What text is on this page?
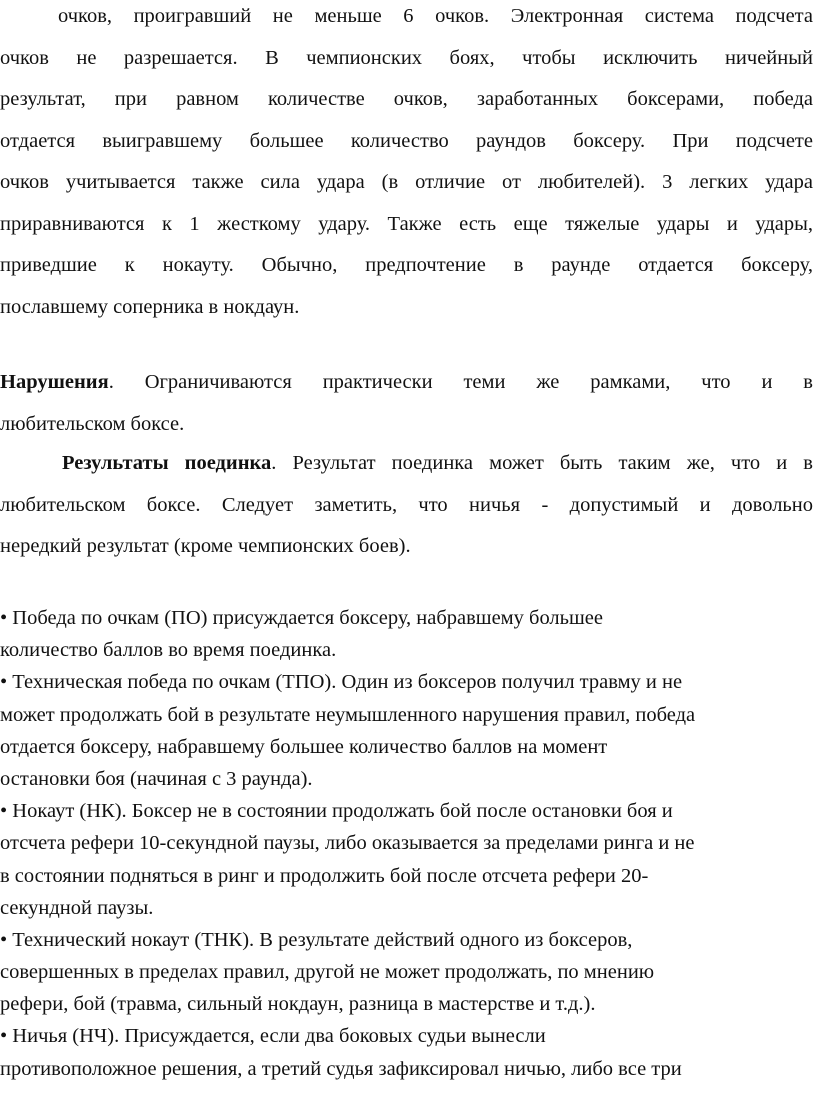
очков, проигравший не меньше 6 очков. Электронная система подсчета
очков не разрешается. В чемпионских боях, чтобы исключить ничейный
результат, при равном количестве очков, заработанных боксерами, победа
отдается выигравшему большее количество раундов боксеру. При подсчете
очков учитывается также сила удара (в отличие от любителей). 3 легких удара
приравниваются к 1 жесткому удару. Также есть еще тяжелые удары и удары,
приведшие к нокауту. Обычно, предпочтение в раунде отдается боксеру,
пославшему соперника в нокдаун.
Нарушения. Ограничиваются практически теми же рамками, что и в
любительском боксе.
Результаты поединка. Результат поединка может быть таким же, что и в
любительском боксе. Следует заметить, что ничья - допустимый и довольно
нередкий результат (кроме чемпионских боев).
• Победа по очкам (ПО) присуждается боксеру, набравшему большее
количество баллов во время поединка.
• Техническая победа по очкам (ТПО). Один из боксеров получил травму и не
может продолжать бой в результате неумышленного нарушения правил, победа
отдается боксеру, набравшему большее количество баллов на момент
остановки боя (начиная с 3 раунда).
• Нокаут (НК). Боксер не в состоянии продолжать бой после остановки боя и
отсчета рефери 10-секундной паузы, либо оказывается за пределами ринга и не
в состоянии подняться в ринг и продолжить бой после отсчета рефери 20-
секундной паузы.
• Технический нокаут (ТНК). В результате действий одного из боксеров,
совершенных в пределах правил, другой не может продолжать, по мнению
рефери, бой (травма, сильный нокдаун, разница в мастерстве и т.д.).
• Ничья (НЧ). Присуждается, если два боковых судьи вынесли
противоположное решения, а третий судья зафиксировал ничью, либо все три
